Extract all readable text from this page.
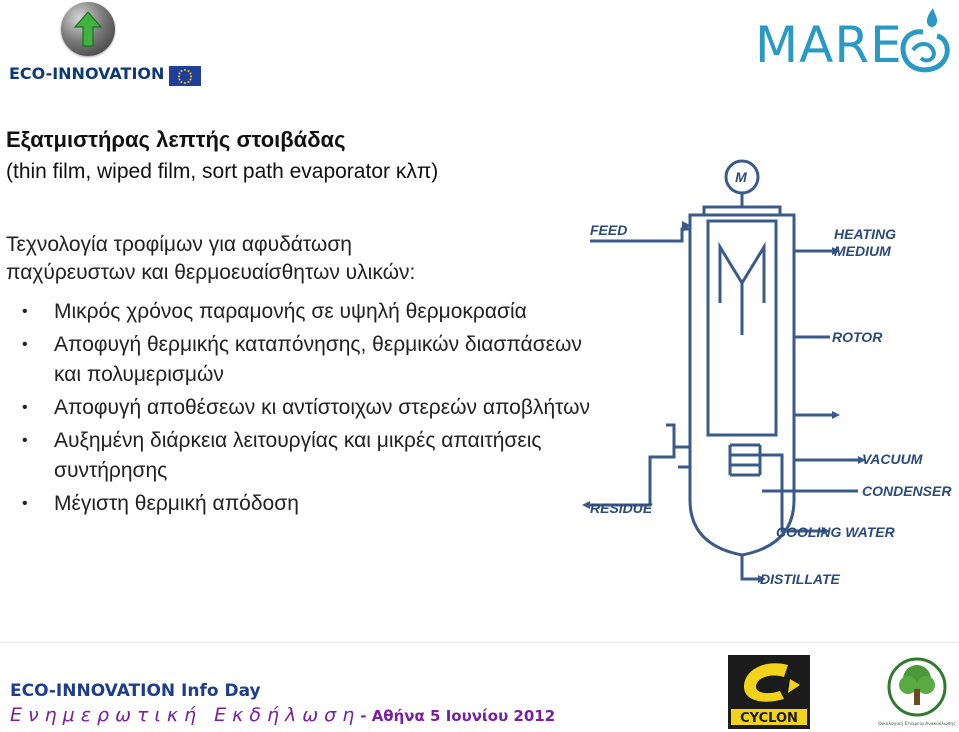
ECO-INNOVATION	MARE
Εξατμιστήρας λεπτής στοιβάδας
(thin film, wiped film, sort path evaporator κλπ)
Τεχνολογία τροφίμων για αφυδάτωση
παχύρευστων και θερμοευαίσθητων υλικών:
• Μικρός χρόνος παραμονής σε υψηλή θερμοκρασία
• Αποφυγή θερμικής καταπόνησης, θερμικών διασπάσεων και πολυμερισμών
• Αποφυγή αποθέσεων κι αντίστοιχων στερεών αποβλήτων
• Αυξημένη διάρκεια λειτουργίας και μικρές απαιτήσεις συντήρησης
• Μέγιστη θερμική απόδοση
M
FEED	HEATING
MEDIUM
ROTOR
VACUUM
CONDENSER
RESIDUE
COOLING WATER
DISTILLATE
ECO-INNOVATION Info Day
Ενημερωτική Εκδήλωση- Αθήνα 5 Ιουνίου 2012	CYCLON	Οικολογική Εταιρεία Ανακύκλωσης
